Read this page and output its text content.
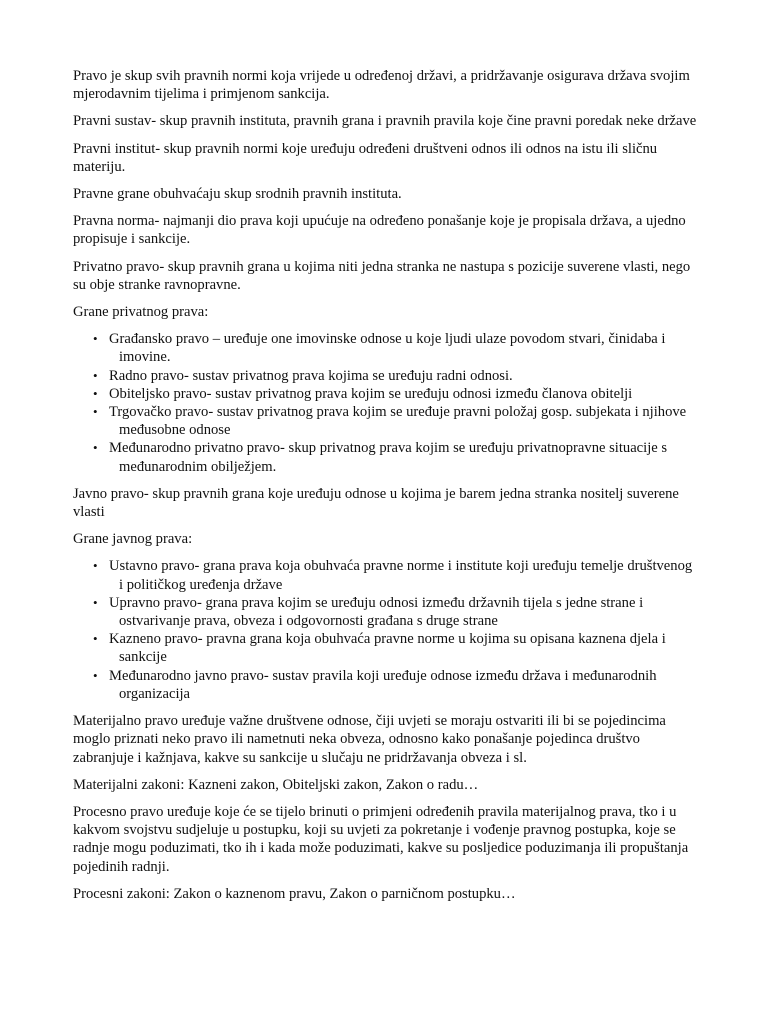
Pravo je skup svih pravnih normi koja vrijede u određenoj državi, a pridržavanje osigurava država svojim mjerodavnim tijelima i primjenom sankcija.

Pravni sustav- skup pravnih instituta, pravnih grana i pravnih pravila koje čine pravni poredak neke države

Pravni institut- skup pravnih normi koje uređuju određeni društveni odnos ili odnos na istu ili sličnu materiju.

Pravne grane obuhvaćaju skup srodnih pravnih instituta.

Pravna norma- najmanji dio prava koji upućuje na određeno ponašanje koje je propisala država, a ujedno propisuje i sankcije.

Privatno pravo- skup pravnih grana u kojima niti jedna stranka ne nastupa s pozicije suverene vlasti, nego su obje stranke ravnopravne.

Grane privatnog prava:

• Građansko pravo – uređuje one imovinske odnose u koje ljudi ulaze povodom stvari, činidaba i imovine.
• Radno pravo- sustav privatnog prava kojima se uređuju radni odnosi.
• Obiteljsko pravo- sustav privatnog prava kojim se uređuju odnosi između članova obitelji
• Trgovačko pravo- sustav privatnog prava kojim se uređuje pravni položaj gosp. subjekata i njihove međusobne odnose
• Međunarodno privatno pravo- skup privatnog prava kojim se uređuju privatnopravne situacije s međunarodnim obilježjem.

Javno pravo- skup pravnih grana koje uređuju odnose u kojima je barem jedna stranka nositelj suverene vlasti

Grane javnog prava:

• Ustavno pravo- grana prava koja obuhvaća pravne norme i institute koji uređuju temelje društvenog i političkog uređenja države
• Upravno pravo- grana prava kojim se uređuju odnosi između državnih tijela s jedne strane i ostvarivanje prava, obveza i odgovornosti građana s druge strane
• Kazneno pravo- pravna grana koja obuhvaća pravne norme u kojima su opisana kaznena djela i sankcije
• Međunarodno javno pravo- sustav pravila koji uređuje odnose između država i međunarodnih organizacija

Materijalno pravo uređuje važne društvene odnose, čiji uvjeti se moraju ostvariti ili bi se pojedincima moglo priznati neko pravo ili nametnuti neka obveza, odnosno kako ponašanje pojedinca društvo zabranjuje i kažnjava, kakve su sankcije u slučaju ne pridržavanja obveza i sl.

Materijalni zakoni: Kazneni zakon, Obiteljski zakon, Zakon o radu…

Procesno pravo uređuje koje će se tijelo brinuti o primjeni određenih pravila materijalnog prava, tko i u kakvom svojstvu sudjeluje u postupku, koji su uvjeti za pokretanje i vođenje pravnog postupka, koje se radnje mogu poduzimati, tko ih i kada može poduzimati, kakve su posljedice poduzimanja ili propuštanja pojedinih radnji.

Procesni zakoni: Zakon o kaznenom pravu, Zakon o parničnom postupku…
